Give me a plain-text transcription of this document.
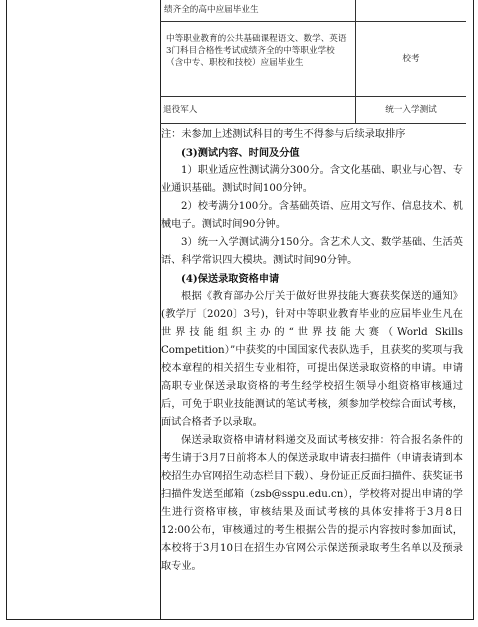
绩齐全的高中应届毕业生
中等职业教育的公共基础课程语文、数学、英语3门科目合格性考试成绩齐全的中等职业学校（含中专、职校和技校）应届毕业生	校考
退役军人	统一入学测试

注：未参加上述测试科目的考生不得参与后续录取排序

(3)测试内容、时间及分值

1）职业适应性测试满分300分。含文化基础、职业与心智、专业通识基础。测试时间100分钟。

2）校考满分100分。含基础英语、应用文写作、信息技术、机械电子。测试时间90分钟。

3）统一入学测试满分150分。含艺术人文、数学基础、生活英语、科学常识四大模块。测试时间90分钟。

(4)保送录取资格申请

根据《教育部办公厅关于做好世界技能大赛获奖保送的通知》(教学厅〔2020〕3号)，针对中等职业教育毕业的应届毕业生凡在世界技能组织主办的“世界技能大赛（World Skills Competition）”中获奖的中国国家代表队选手，且获奖的奖项与我校本章程的相关招生专业相符，可提出保送录取资格的申请。申请高职专业保送录取资格的考生经学校招生领导小组资格审核通过后，可免于职业技能测试的笔试考核，须参加学校综合面试考核，面试合格者予以录取。

保送录取资格申请材料递交及面试考核安排：符合报名条件的考生请于3月7日前将本人的保送录取申请表扫描件（申请表请到本校招生办官网招生动态栏目下载）、身份证正反面扫描件、获奖证书扫描件发送至邮箱（zsb@sspu.edu.cn），学校将对提出申请的学生进行资格审核，审核结果及面试考核的具体安排将于3月8日12:00公布，审核通过的考生根据公告的提示内容按时参加面试，本校将于3月10日在招生办官网公示保送预录取考生名单以及预录取专业。
